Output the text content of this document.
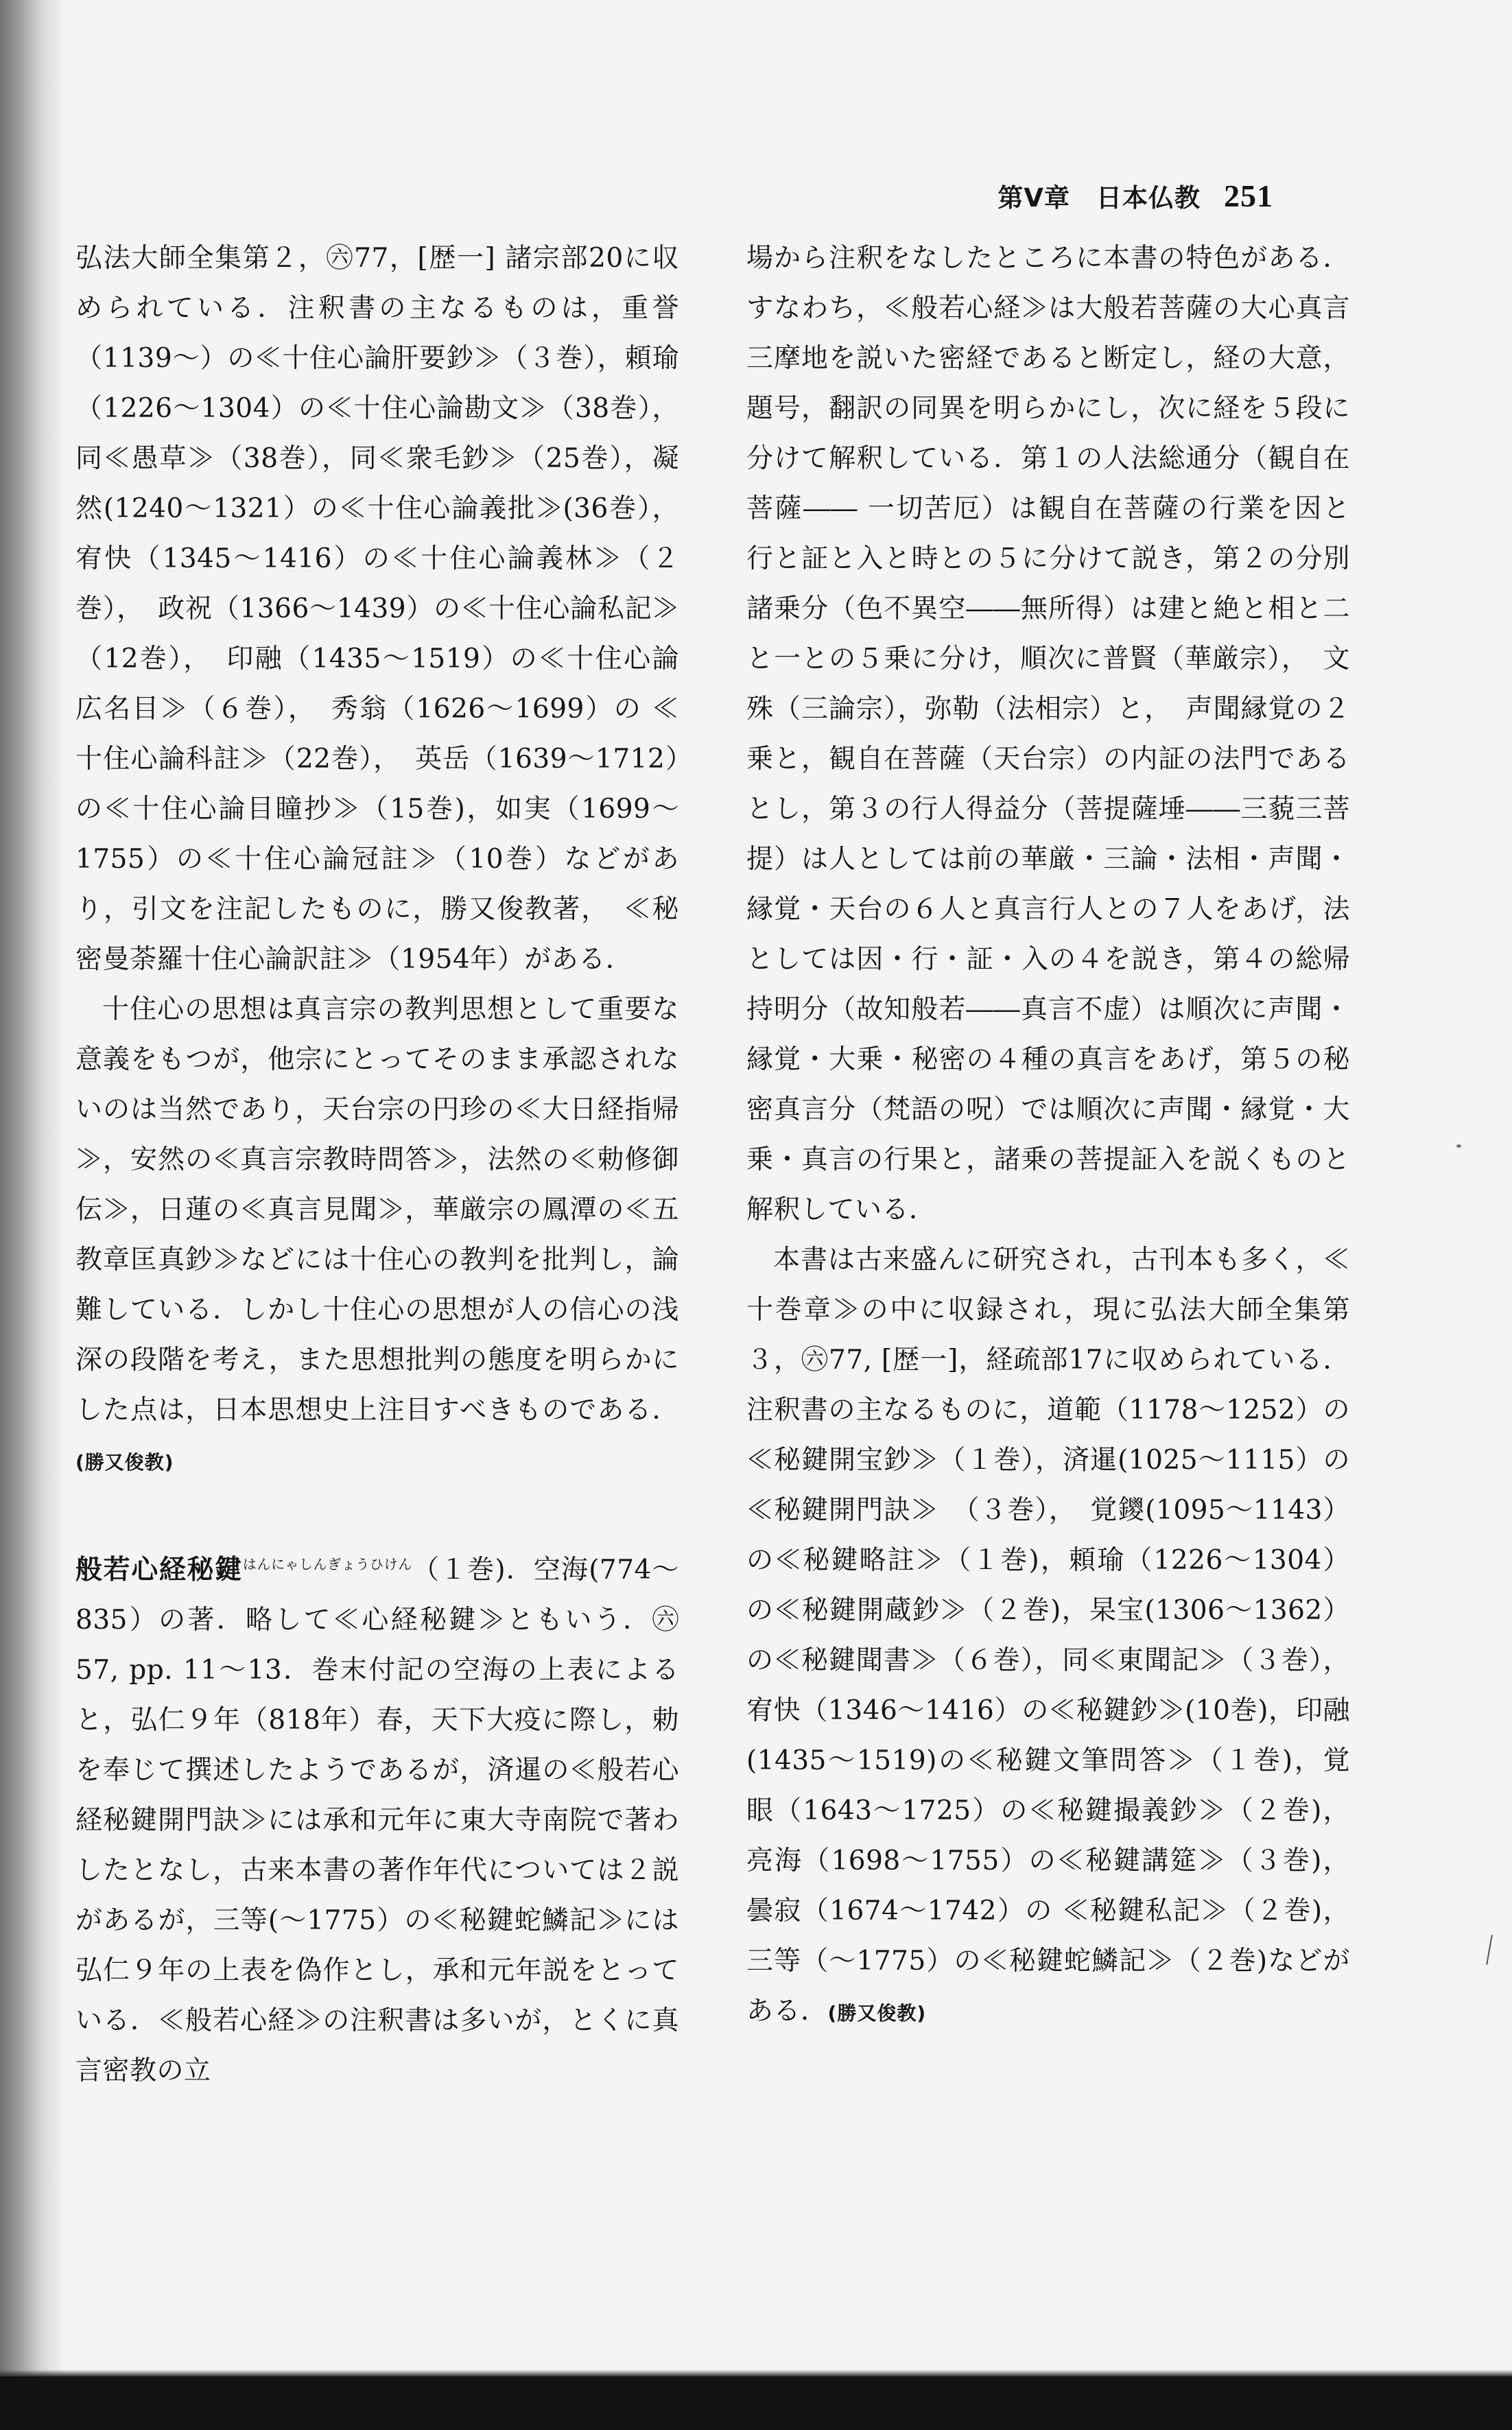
第V章　日本仏教 251

弘法大師全集第２，㊅77，[歴一] 諸宗部20に収められている．注釈書の主なるものは，重誉（1139〜）の≪十住心論肝要鈔≫（３巻），頼瑜（1226〜1304）の≪十住心論勘文≫（38巻），同≪愚草≫（38巻），同≪衆毛鈔≫（25巻），凝然(1240〜1321）の≪十住心論義批≫(36巻），宥快（1345〜1416）の≪十住心論義林≫（２巻），　政祝（1366〜1439）の≪十住心論私記≫（12巻），　印融（1435〜1519）の≪十住心論広名目≫（６巻），　秀翁（1626〜1699）の ≪十住心論科註≫（22巻），　英岳（1639〜1712）の≪十住心論目瞳抄≫（15巻)，如実（1699〜1755）の≪十住心論冠註≫（10巻）などがあり，引文を注記したものに，勝又俊教著，　≪秘密曼荼羅十住心論訳註≫（1954年）がある．

十住心の思想は真言宗の教判思想として重要な意義をもつが，他宗にとってそのまま承認されないのは当然であり，天台宗の円珍の≪大日経指帰≫，安然の≪真言宗教時問答≫，法然の≪勅修御伝≫，日蓮の≪真言見聞≫，華厳宗の鳳潭の≪五教章匡真鈔≫などには十住心の教判を批判し，論難している．しかし十住心の思想が人の信心の浅深の段階を考え，また思想批判の態度を明らかにした点は，日本思想史上注目すべきものである．(勝又俊教)

般若心経秘鍵$^{はんにゃしんぎょうひけん}$（１巻)．空海(774〜835）の著．略して≪心経秘鍵≫ともいう．㊅57, pp. 11〜13．巻末付記の空海の上表によると，弘仁９年（818年）春，天下大疫に際し，勅を奉じて撰述したようであるが，済暹の≪般若心経秘鍵開門訣≫には承和元年に東大寺南院で著わしたとなし，古来本書の著作年代については２説があるが，三等(〜1775）の≪秘鍵蛇鱗記≫には弘仁９年の上表を偽作とし，承和元年説をとっている．≪般若心経≫の注釈書は多いが，とくに真言密教の立

場から注釈をなしたところに本書の特色がある．すなわち，≪般若心経≫は大般若菩薩の大心真言三摩地を説いた密経であると断定し，経の大意，題号，翻訳の同異を明らかにし，次に経を５段に分けて解釈している．第１の人法総通分（観自在菩薩―― 一切苦厄）は観自在菩薩の行業を因と行と証と入と時との５に分けて説き，第２の分別諸乗分（色不異空――無所得）は建と絶と相と二と一との５乗に分け，順次に普賢（華厳宗），　文殊（三論宗），弥勒（法相宗）と，　声聞縁覚の２乗と，観自在菩薩（天台宗）の内証の法門であるとし，第３の行人得益分（菩提薩埵――三藐三菩提）は人としては前の華厳・三論・法相・声聞・縁覚・天台の６人と真言行人との７人をあげ，法としては因・行・証・入の４を説き，第４の総帰持明分（故知般若――真言不虚）は順次に声聞・縁覚・大乗・秘密の４種の真言をあげ，第５の秘密真言分（梵語の呪）では順次に声聞・縁覚・大乗・真言の行果と，諸乗の菩提証入を説くものと解釈している．

本書は古来盛んに研究され，古刊本も多く，≪十巻章≫の中に収録され，現に弘法大師全集第３，㊅77, [歴一]，経疏部17に収められている．注釈書の主なるものに，道範（1178〜1252）の≪秘鍵開宝鈔≫（１巻），済暹(1025〜1115）の ≪秘鍵開門訣≫　（３巻），　覚鑁(1095〜1143）の≪秘鍵略註≫（１巻)，頼瑜（1226〜1304）の≪秘鍵開蔵鈔≫（２巻)，杲宝(1306〜1362）の≪秘鍵聞書≫（６巻），同≪東聞記≫（３巻），宥快（1346〜1416）の≪秘鍵鈔≫(10巻)，印融(1435〜1519)の≪秘鍵文筆問答≫（１巻)，覚眼（1643〜1725）の≪秘鍵撮義鈔≫（２巻)，亮海（1698〜1755）の≪秘鍵講筵≫（３巻)，曇寂（1674〜1742）の ≪秘鍵私記≫（２巻)，三等（〜1775）の≪秘鍵蛇鱗記≫（２巻)などがある．(勝又俊教)
